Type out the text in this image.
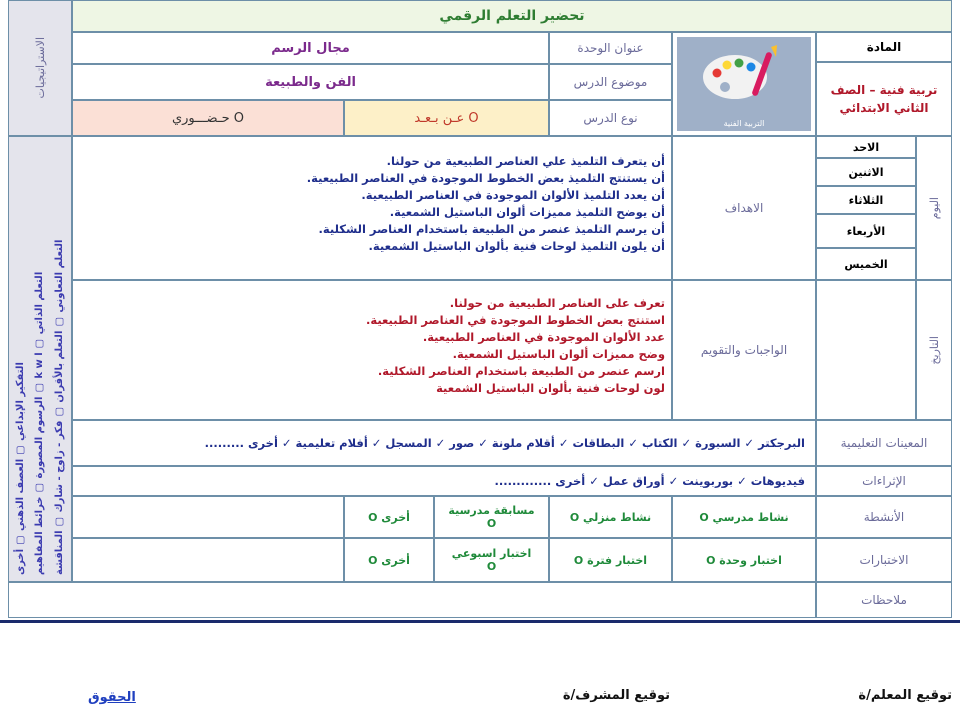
تحضير التعلم الرقمي
الاستراتيجيات
التعلم التعاوني ▢ التعلم بالأقران ▢ فكر - زاوج - شارك ▢ المناقشة
الرسوم المصورة ▢ خرائط المفاهيم ▢ k w l ▢ التعلم الذاتي
التفكير الإبداعي ▢ العصف الذهني ▢ أخرى
المادة
تربية فنية – الصف الثاني الابتدائي
التربية الفنية
عنوان الوحدة
مجال الرسم
موضوع الدرس
الفن والطبيعة
نوع الدرس
عـن بـعـد O
حـضـــوري O
اليوم
الاحد
الاثنين
الثلاثاء
الأربعاء
الخميس
الاهداف
أن يتعرف التلميذ علي العناصر الطبيعية من حولنا.
أن يستنتج التلميذ بعض الخطوط الموجودة في العناصر الطبيعية.
أن يعدد التلميذ الألوان الموجودة في العناصر الطبيعية.
أن يوضح التلميذ مميزات ألوان الباستيل الشمعية.
أن يرسم التلميذ عنصر من الطبيعة باستخدام العناصر الشكلية.
أن يلون التلميذ لوحات فنية بألوان الباستيل الشمعية.
التاريخ
الواجبات والتقويم
تعرف على العناصر الطبيعية من حولنا.
استنتج بعض الخطوط الموجودة في العناصر الطبيعية.
عدد الألوان الموجودة في العناصر الطبيعية.
وضح مميزات ألوان الباستيل الشمعية.
ارسم عنصر من الطبيعة باستخدام العناصر الشكلية.
لون لوحات فنية بألوان الباستيل الشمعية
المعينات التعليمية
البرجكتر ✓ السبورة ✓ الكتاب ✓ البطاقات ✓ أقلام ملونة ✓ صور ✓ المسجل ✓ أفلام تعليمية ✓ أخرى .........
الإثراءات
فيديوهات ✓ بوربوينت ✓ أوراق عمل ✓ أخرى .............
الأنشطة
نشاط مدرسي O
نشاط منزلي O
مسابقة مدرسية
O
أخرى O
الاختبارات
اختبار وحدة O
اختبار فترة O
اختبار اسبوعي
O
أخرى O
ملاحظات
توقيع المعلم/ة
توقيع المشرف/ة
الحقوق
